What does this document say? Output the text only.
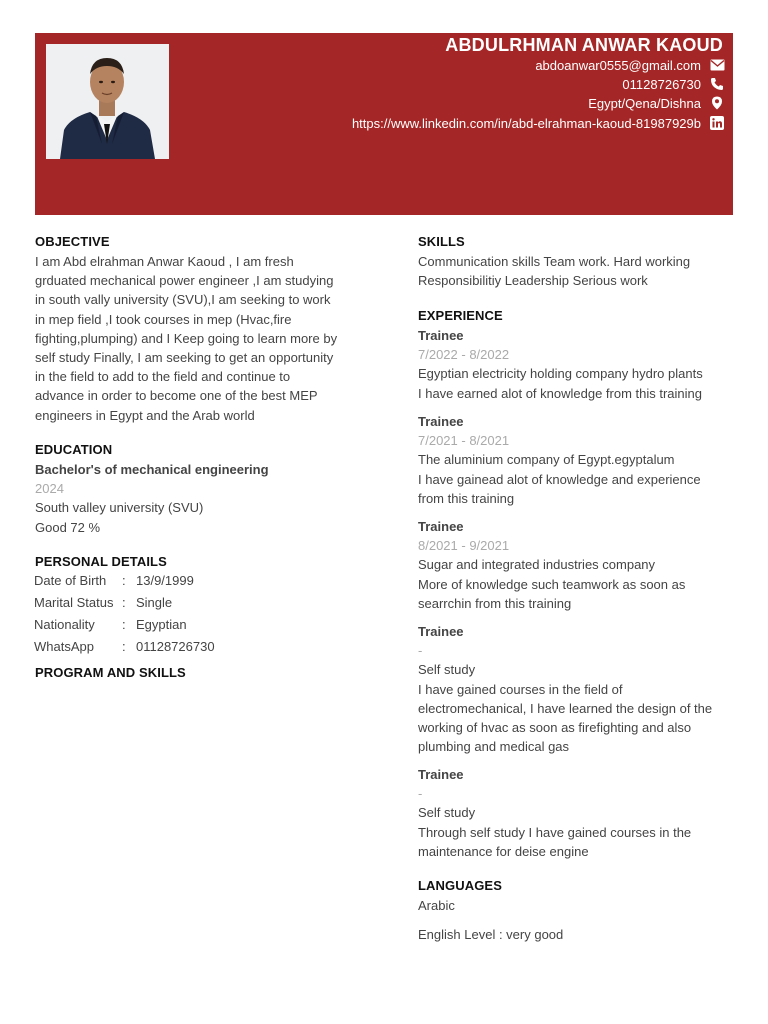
ABDULRHMAN ANWAR KAOUD
abdoanwar0555@gmail.com
01128726730
Egypt/Qena/Dishna
https://www.linkedin.com/in/abd-elrahman-kaoud-81987929b
OBJECTIVE
I am Abd elrahman Anwar Kaoud , I am fresh
grduated mechanical power engineer ,I am studying
in south vally university (SVU),I am seeking to work
in mep field ,I took courses in mep (Hvac,fire
fighting,plumping) and I Keep going to learn more by
self study Finally, I am seeking to get an opportunity
in the field to add to the field and continue to
advance in order to become one of the best MEP
engineers in Egypt and the Arab world
EDUCATION
Bachelor's of mechanical engineering
2024
South valley university (SVU)
Good 72 %
PERSONAL DETAILS
Date of Birth : 13/9/1999
Marital Status : Single
Nationality : Egyptian
WhatsApp : 01128726730
PROGRAM AND SKILLS
SKILLS
Communication skills Team work. Hard working
Responsibilitiy Leadership Serious work
EXPERIENCE
Trainee
7/2022 - 8/2022
Egyptian electricity holding company hydro plants
I have earned alot of knowledge from this training
Trainee
7/2021 - 8/2021
The aluminium company of Egypt.egyptalum
I have gainead alot of knowledge and experience
from this training
Trainee
8/2021 - 9/2021
Sugar and integrated industries company
More of knowledge such teamwork as soon as
searrchin from this training
Trainee
-
Self study
I have gained courses in the field of
electromechanical, I have learned the design of the
working of hvac as soon as firefighting and also
plumbing and medical gas
Trainee
-
Self study
Through self study I have gained courses in the
maintenance for deise engine
LANGUAGES
Arabic
English Level : very good
